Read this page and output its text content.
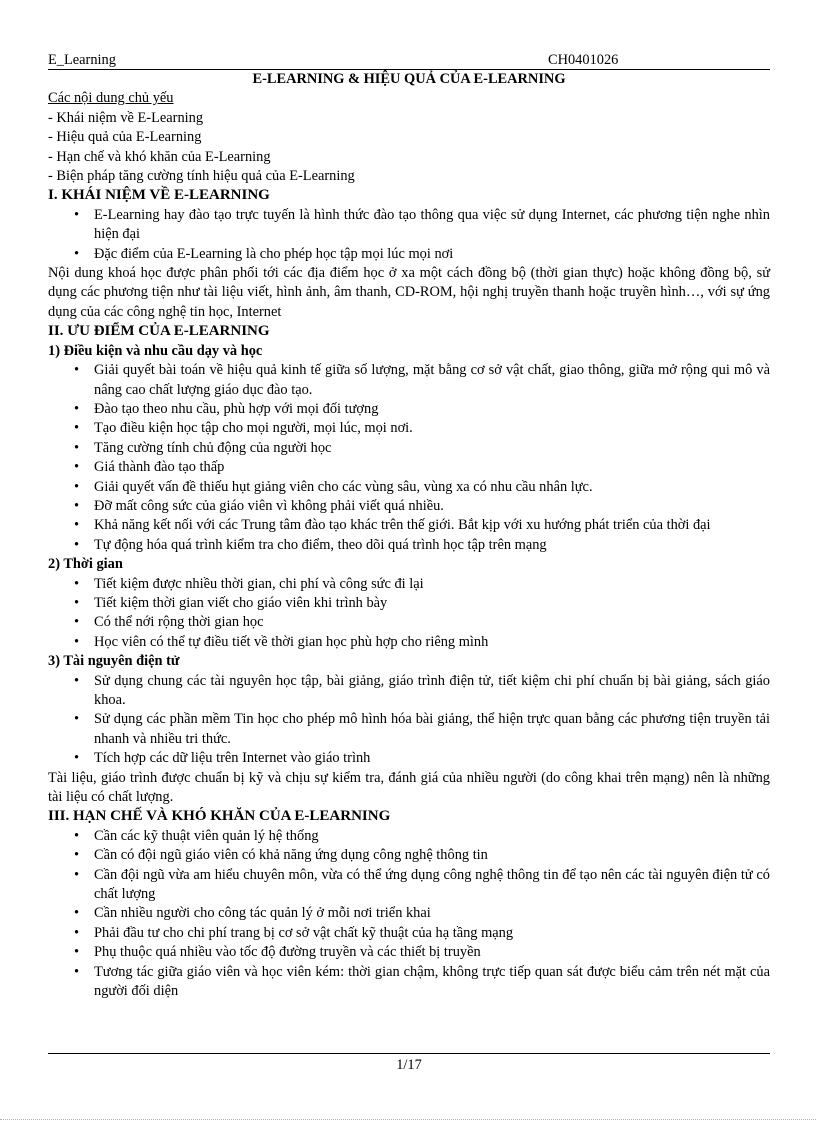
E_Learning	CH0401026
E-LEARNING & HIỆU QUẢ CỦA E-LEARNING
Các nội dung chủ yếu
- Khái niệm về E-Learning
- Hiệu quả của E-Learning
- Hạn chế và khó khăn của E-Learning
- Biện pháp tăng cường tính hiệu quả của E-Learning
I. KHÁI NIỆM VỀ E-LEARNING
• E-Learning hay đào tạo trực tuyến là hình thức đào tạo thông qua việc sử dụng Internet, các phương tiện nghe nhìn hiện đại
• Đặc điểm của E-Learning là cho phép học tập mọi lúc mọi nơi

Nội dung khoá học được phân phối tới các địa điểm học ở xa một cách đồng bộ (thời gian thực) hoặc không đồng bộ, sử dụng các phương tiện như tài liệu viết, hình ảnh, âm thanh, CD-ROM, hội nghị truyền thanh hoặc truyền hình…, với sự ứng dụng của các công nghệ tin học, Internet

II. ƯU ĐIỂM CỦA E-LEARNING
1) Điều kiện và nhu cầu dạy và học
• Giải quyết bài toán về hiệu quả kinh tế giữa số lượng, mặt bằng cơ sở vật chất, giao thông, giữa mở rộng qui mô và nâng cao chất lượng giáo dục đào tạo.
• Đào tạo theo nhu cầu, phù hợp với mọi đối tượng
• Tạo điều kiện học tập cho mọi người, mọi lúc, mọi nơi.
• Tăng cường tính chủ động của người học
• Giá thành đào tạo thấp
• Giải quyết vấn đề thiếu hụt giảng viên cho các vùng sâu, vùng xa có nhu cầu nhân lực.
• Đỡ mất công sức của giáo viên vì không phải viết quá nhiều.
• Khả năng kết nối với các Trung tâm đào tạo khác trên thế giới. Bắt kịp với xu hướng phát triển của thời đại
• Tự động hóa quá trình kiểm tra cho điểm, theo dõi quá trình học tập trên mạng
2) Thời gian
• Tiết kiệm được nhiều thời gian, chi phí và công sức đi lại
• Tiết kiệm thời gian viết cho giáo viên khi trình bày
• Có thể nới rộng thời gian học
• Học viên có thể tự điều tiết về thời gian học phù hợp cho riêng mình
3) Tài nguyên điện tử
• Sử dụng chung các tài nguyên học tập, bài giảng, giáo trình điện tử, tiết kiệm chi phí chuẩn bị bài giảng, sách giáo khoa.
• Sử dụng các phần mềm Tin học cho phép mô hình hóa bài giảng, thể hiện trực quan bằng các phương tiện truyền tải nhanh và nhiều tri thức.
• Tích hợp các dữ liệu trên Internet vào giáo trình

Tài liệu, giáo trình được chuẩn bị kỹ và chịu sự kiểm tra, đánh giá của nhiều người (do công khai trên mạng) nên là những tài liệu có chất lượng.

III. HẠN CHẾ VÀ KHÓ KHĂN CỦA E-LEARNING
• Cần các kỹ thuật viên quản lý hệ thống
• Cần có đội ngũ giáo viên có khả năng ứng dụng công nghệ thông tin
• Cần đội ngũ vừa am hiểu chuyên môn, vừa có thể ứng dụng công nghệ thông tin để tạo nên các tài nguyên điện tử có chất lượng
• Cần nhiều người cho công tác quản lý ở mỗi nơi triển khai
• Phải đầu tư cho chi phí trang bị cơ sở vật chất kỹ thuật của hạ tầng mạng
• Phụ thuộc quá nhiều vào tốc độ đường truyền và các thiết bị truyền
• Tương tác giữa giáo viên và học viên kém: thời gian chậm, không trực tiếp quan sát được biểu cảm trên nét mặt của người đối diện
1/17
